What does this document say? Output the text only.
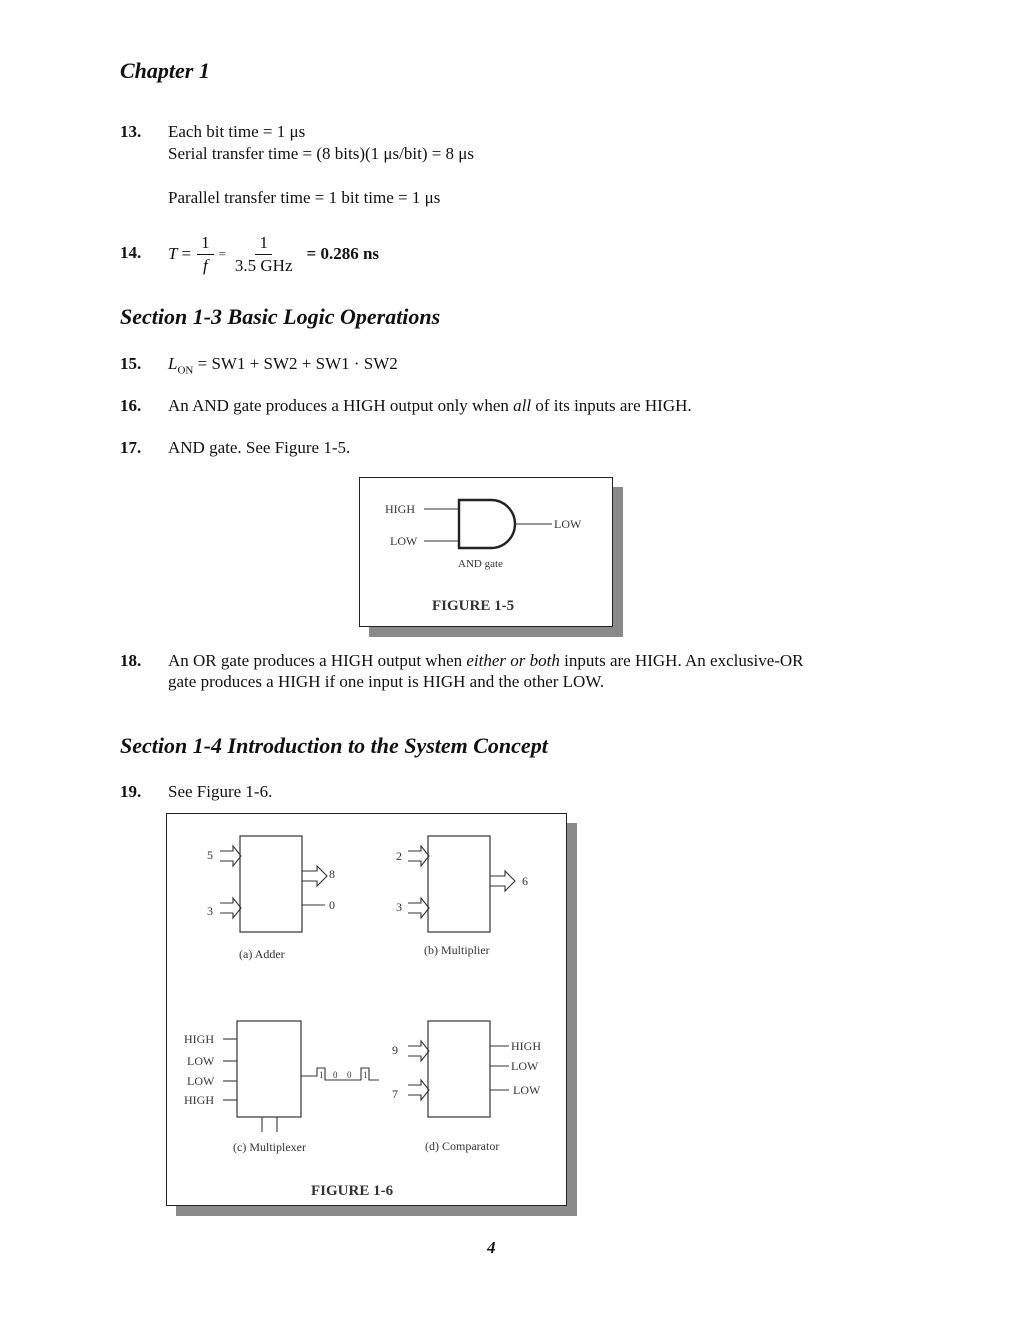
Chapter 1
13. Each bit time = 1 μs
Serial transfer time = (8 bits)(1 μs/bit) = 8 μs
Parallel transfer time = 1 bit time = 1 μs
14. $T = \frac{1}{f} = \frac{1}{\text{3.5 GHz}} = 0.286$ ns
Section 1-3 Basic Logic Operations
15. $L_{ON} = SW1 + SW2 + SW1 \cdot SW2$
16. An AND gate produces a HIGH output only when all of its inputs are HIGH.
17. AND gate. See Figure 1-5.
HIGH
LOW
LOW
AND gate
FIGURE 1-5
18. An OR gate produces a HIGH output when either or both inputs are HIGH. An exclusive-OR
gate produces a HIGH if one input is HIGH and the other LOW.
Section 1-4 Introduction to the System Concept
19. See Figure 1-6.
5
3
8
0
(a) Adder
2
3
6
(b) Multiplier
HIGH
LOW
LOW
HIGH
1 0 0 1
(c) Multiplexer
9
7
HIGH
LOW
LOW
(d) Comparator
FIGURE 1-6
4
